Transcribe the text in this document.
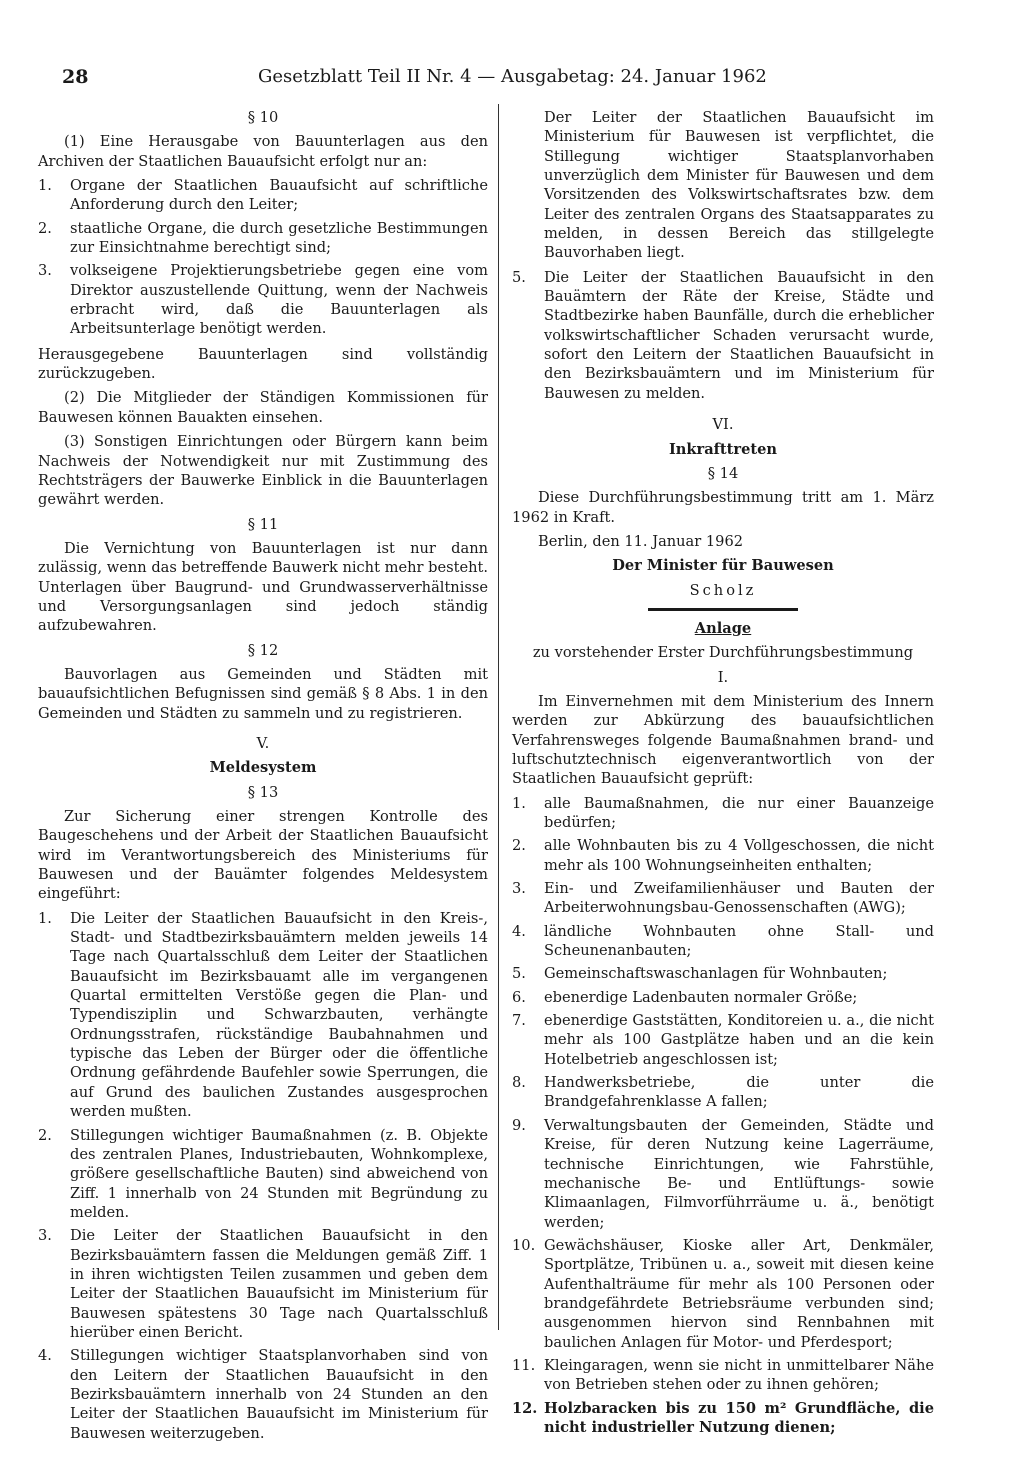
28	Gesetzblatt Teil II Nr. 4 — Ausgabetag: 24. Januar 1962
§ 10

(1) Eine Herausgabe von Bauunterlagen aus den Archiven der Staatlichen Bauaufsicht erfolgt nur an:

1. Organe der Staatlichen Bauaufsicht auf schriftliche Anforderung durch den Leiter;
2. staatliche Organe, die durch gesetzliche Bestimmungen zur Einsichtnahme berechtigt sind;
3. volkseigene Projektierungsbetriebe gegen eine vom Direktor auszustellende Quittung, wenn der Nachweis erbracht wird, daß die Bauunterlagen als Arbeitsunterlage benötigt werden.

Herausgegebene Bauunterlagen sind vollständig zurückzugeben.

(2) Die Mitglieder der Ständigen Kommissionen für Bauwesen können Bauakten einsehen.

(3) Sonstigen Einrichtungen oder Bürgern kann beim Nachweis der Notwendigkeit nur mit Zustimmung des Rechtsträgers der Bauwerke Einblick in die Bauunterlagen gewährt werden.

§ 11

Die Vernichtung von Bauunterlagen ist nur dann zulässig, wenn das betreffende Bauwerk nicht mehr besteht. Unterlagen über Baugrund- und Grundwasserverhältnisse und Versorgungsanlagen sind jedoch ständig aufzubewahren.

§ 12

Bauvorlagen aus Gemeinden und Städten mit bauaufsichtlichen Befugnissen sind gemäß § 8 Abs. 1 in den Gemeinden und Städten zu sammeln und zu registrieren.

V.
Meldesystem
§ 13

Zur Sicherung einer strengen Kontrolle des Baugeschehens und der Arbeit der Staatlichen Bauaufsicht wird im Verantwortungsbereich des Ministeriums für Bauwesen und der Bauämter folgendes Meldesystem eingeführt:

1. Die Leiter der Staatlichen Bauaufsicht in den Kreis-, Stadt- und Stadtbezirksbauämtern melden jeweils 14 Tage nach Quartalsschluß dem Leiter der Staatlichen Bauaufsicht im Bezirksbauamt alle im vergangenen Quartal ermittelten Verstöße gegen die Plan- und Typendisziplin und Schwarzbauten, verhängte Ordnungsstrafen, rückständige Baubahnahmen und typische das Leben der Bürger oder die öffentliche Ordnung gefährdende Baufehler sowie Sperrungen, die auf Grund des baulichen Zustandes ausgesprochen werden mußten.
2. Stillegungen wichtiger Baumaßnahmen (z. B. Objekte des zentralen Planes, Industriebauten, Wohnkomplexe, größere gesellschaftliche Bauten) sind abweichend von Ziff. 1 innerhalb von 24 Stunden mit Begründung zu melden.
3. Die Leiter der Staatlichen Bauaufsicht in den Bezirksbauämtern fassen die Meldungen gemäß Ziff. 1 in ihren wichtigsten Teilen zusammen und geben dem Leiter der Staatlichen Bauaufsicht im Ministerium für Bauwesen spätestens 30 Tage nach Quartalsschluß hierüber einen Bericht.
4. Stillegungen wichtiger Staatsplanvorhaben sind von den Leitern der Staatlichen Bauaufsicht in den Bezirksbauämtern innerhalb von 24 Stunden an den Leiter der Staatlichen Bauaufsicht im Ministerium für Bauwesen weiterzugeben.

Der Leiter der Staatlichen Bauaufsicht im Ministerium für Bauwesen ist verpflichtet, die Stillegung wichtiger Staatsplanvorhaben unverzüglich dem Minister für Bauwesen und dem Vorsitzenden des Volkswirtschaftsrates bzw. dem Leiter des zentralen Organs des Staatsapparates zu melden, in dessen Bereich das stillgelegte Bauvorhaben liegt.

5. Die Leiter der Staatlichen Bauaufsicht in den Bauämtern der Räte der Kreise, Städte und Stadtbezirke haben Baunfälle, durch die erheblicher volkswirtschaftlicher Schaden verursacht wurde, sofort den Leitern der Staatlichen Bauaufsicht in den Bezirksbauämtern und im Ministerium für Bauwesen zu melden.
VI.
Inkrafttreten
§ 14

Diese Durchführungsbestimmung tritt am 1. März 1962 in Kraft.

Berlin, den 11. Januar 1962

Der Minister für Bauwesen
Scholz
Anlage
zu vorstehender Erster Durchführungsbestimmung
I.

Im Einvernehmen mit dem Ministerium des Innern werden zur Abkürzung des bauaufsichtlichen Verfahrensweges folgende Baumaßnahmen brand- und luftschutztechnisch eigenverantwortlich von der Staatlichen Bauaufsicht geprüft:

1. alle Baumaßnahmen, die nur einer Bauanzeige bedürfen;
2. alle Wohnbauten bis zu 4 Vollgeschossen, die nicht mehr als 100 Wohnungseinheiten enthalten;
3. Ein- und Zweifamilienhäuser und Bauten der Arbeiterwohnungsbau-Genossenschaften (AWG);
4. ländliche Wohnbauten ohne Stall- und Scheunenanbauten;
5. Gemeinschaftswaschanlagen für Wohnbauten;
6. ebenerdige Ladenbauten normaler Größe;
7. ebenerdige Gaststätten, Konditoreien u. a., die nicht mehr als 100 Gastplätze haben und an die kein Hotelbetrieb angeschlossen ist;
8. Handwerksbetriebe, die unter die Brandgefahrenklasse A fallen;
9. Verwaltungsbauten der Gemeinden, Städte und Kreise, für deren Nutzung keine Lagerräume, technische Einrichtungen, wie Fahrstühle, mechanische Be- und Entlüftungs- sowie Klimaanlagen, Filmvorführräume u. ä., benötigt werden;
10. Gewächshäuser, Kioske aller Art, Denkmäler, Sportplätze, Tribünen u. a., soweit mit diesen keine Aufenthalträume für mehr als 100 Personen oder brandgefährdete Betriebsräume verbunden sind; ausgenommen hiervon sind Rennbahnen mit baulichen Anlagen für Motor- und Pferdesport;
11. Kleingaragen, wenn sie nicht in unmittelbarer Nähe von Betrieben stehen oder zu ihnen gehören;
12. Holzbaracken bis zu 150 m² Grundfläche, die nicht industrieller Nutzung dienen;
